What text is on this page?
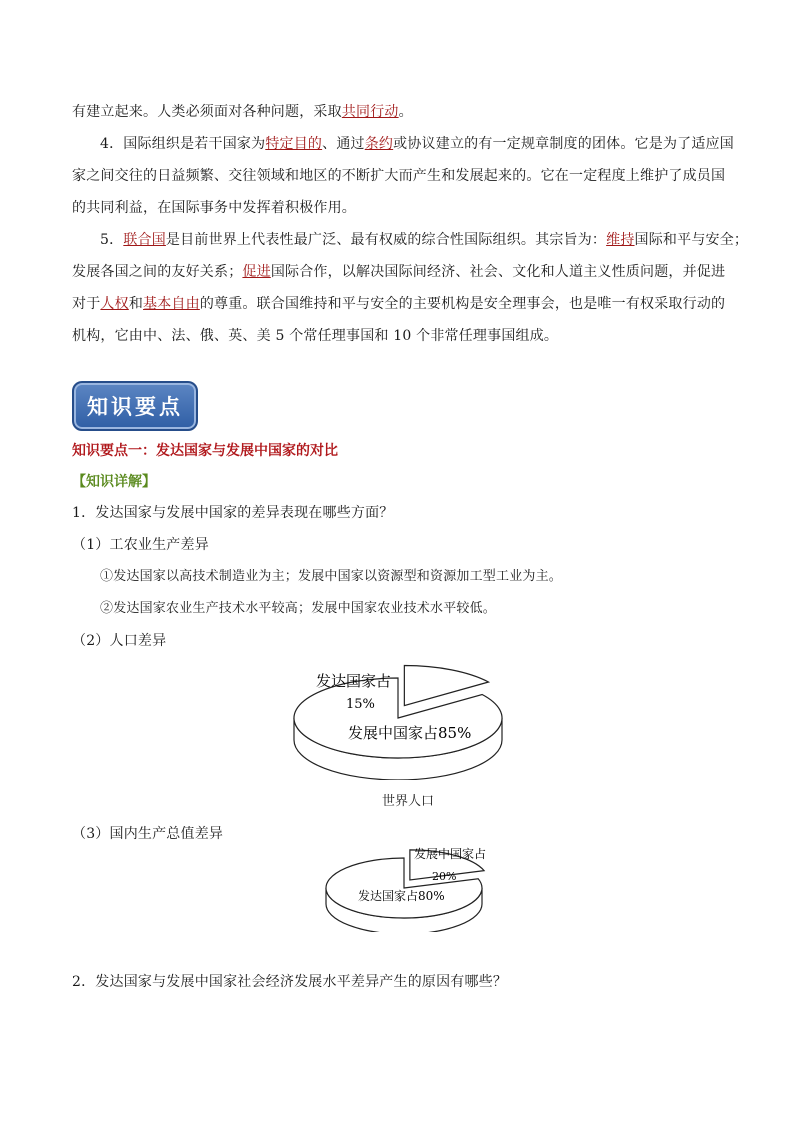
有建立起来。人类必须面对各种问题，采取共同行动。
4．国际组织是若干国家为特定目的、通过条约或协议建立的有一定规章制度的团体。它是为了适应国
家之间交往的日益频繁、交往领域和地区的不断扩大而产生和发展起来的。它在一定程度上维护了成员国
的共同利益，在国际事务中发挥着积极作用。
5．联合国是目前世界上代表性最广泛、最有权威的综合性国际组织。其宗旨为：维持国际和平与安全；
发展各国之间的友好关系；促进国际合作，以解决国际间经济、社会、文化和人道主义性质问题，并促进
对于人权和基本自由的尊重。联合国维持和平与安全的主要机构是安全理事会，也是唯一有权采取行动的
机构，它由中、法、俄、英、美 5 个常任理事国和 10 个非常任理事国组成。
知识要点
知识要点一：发达国家与发展中国家的对比
【知识详解】
1．发达国家与发展中国家的差异表现在哪些方面？
（1）工农业生产差异
①发达国家以高技术制造业为主；发展中国家以资源型和资源加工型工业为主。
②发达国家农业生产技术水平较高；发展中国家农业技术水平较低。
（2）人口差异
发达国家占
15%
发展中国家占85%
世界人口
（3）国内生产总值差异
发展中国家占
20%
发达国家占80%
2．发达国家与发展中国家社会经济发展水平差异产生的原因有哪些？
